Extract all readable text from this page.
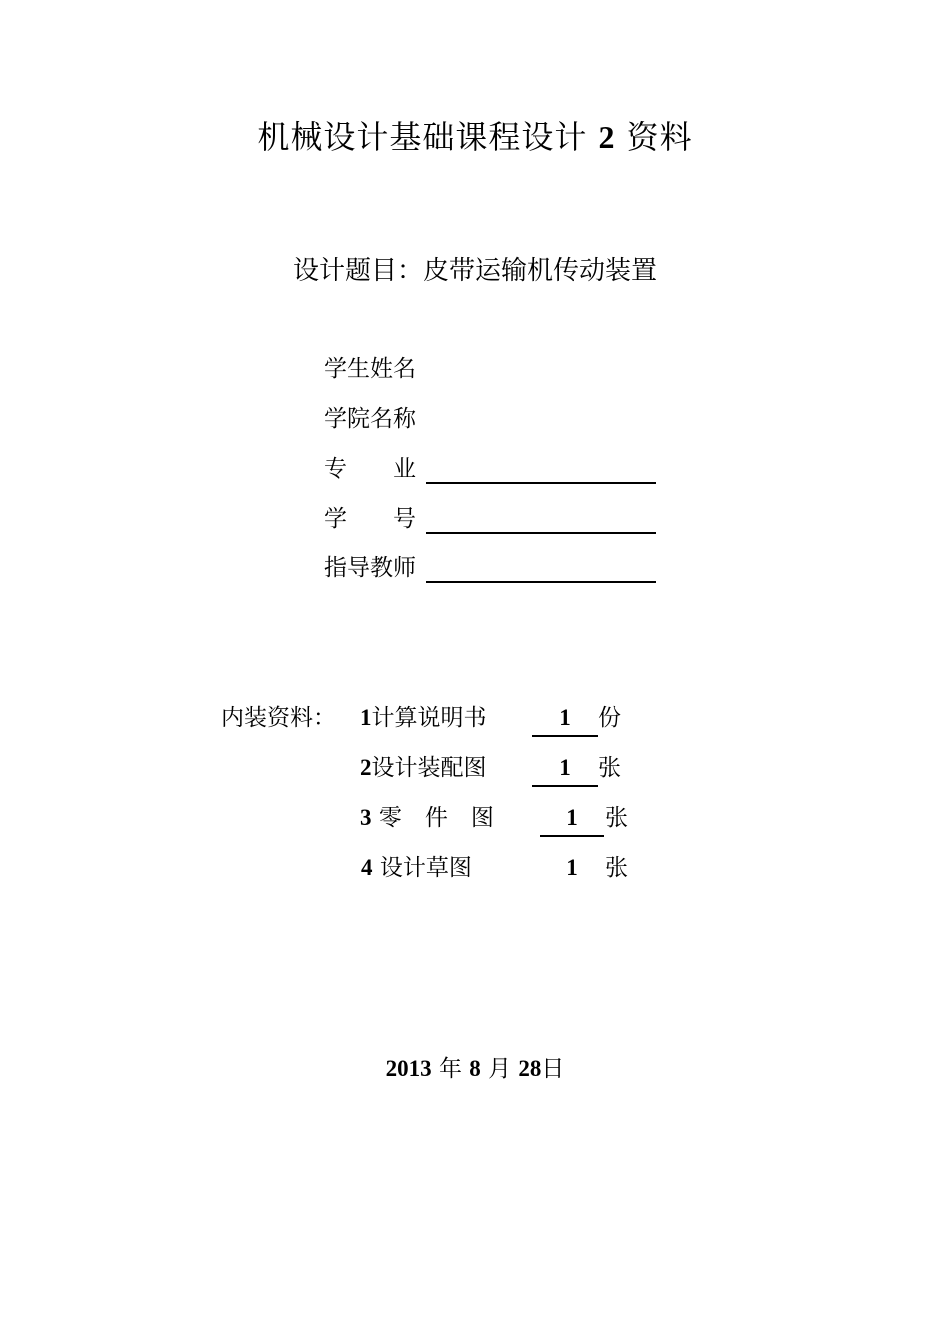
机械设计基础课程设计 2 资料
设计题目：皮带运输机传动装置
学生姓名
学院名称
专　　业
学　　号
指导教师
内装资料： 1计算说明书	1	份
2设计装配图	1	张
3 零　件　图	1	张
4 设计草图	1	张
2013 年 8 月 28日
